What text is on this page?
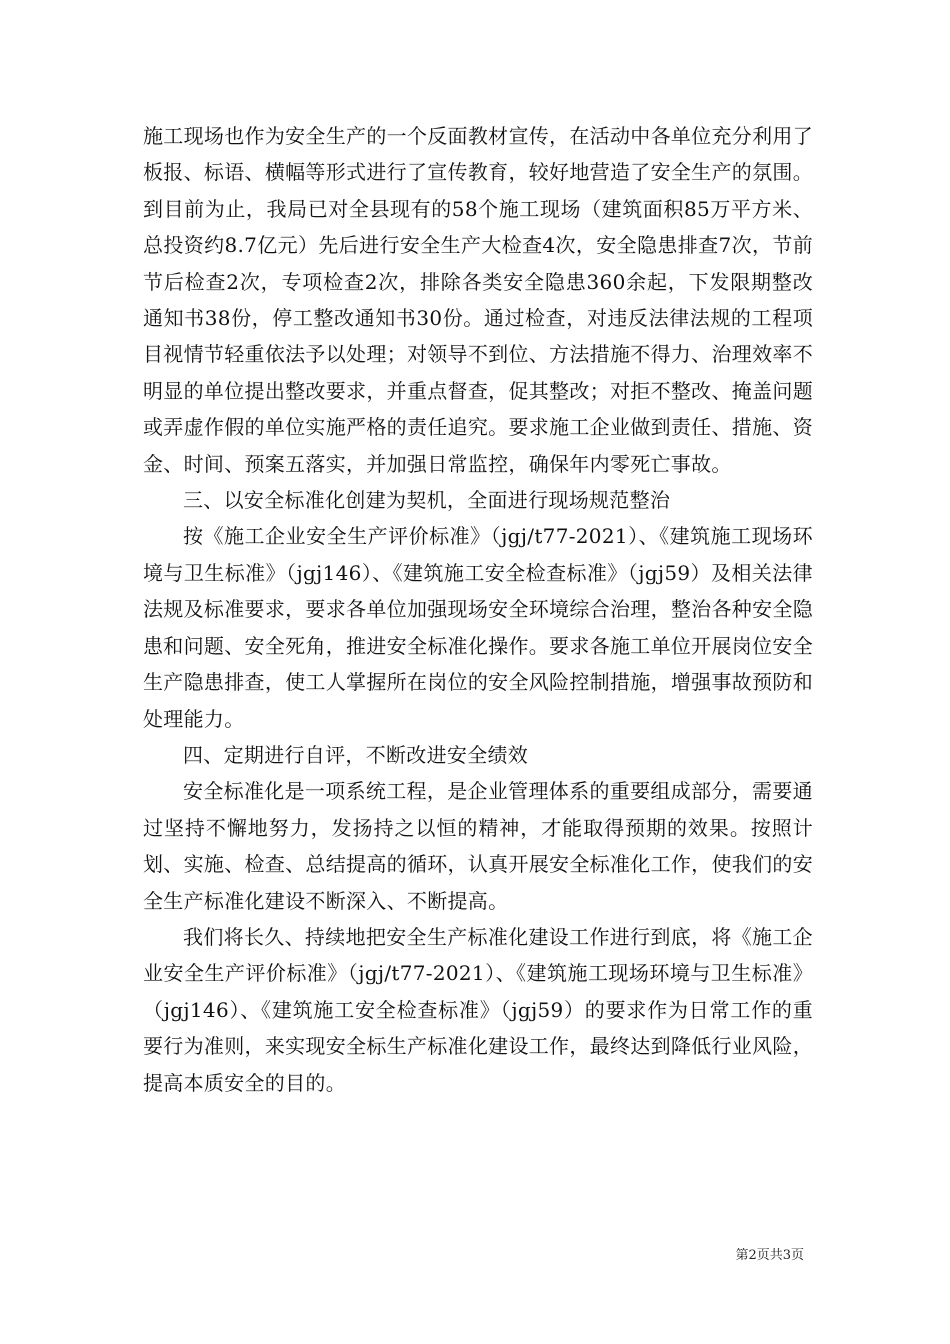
施工现场也作为安全生产的一个反面教材宣传，在活动中各单位充分利用了板报、标语、横幅等形式进行了宣传教育，较好地营造了安全生产的氛围。到目前为止，我局已对全县现有的58个施工现场（建筑面积85万平方米、总投资约8.7亿元）先后进行安全生产大检查4次，安全隐患排查7次，节前节后检查2次，专项检查2次，排除各类安全隐患360余起，下发限期整改通知书38份，停工整改通知书30份。通过检查，对违反法律法规的工程项目视情节轻重依法予以处理；对领导不到位、方法措施不得力、治理效率不明显的单位提出整改要求，并重点督查，促其整改；对拒不整改、掩盖问题或弄虚作假的单位实施严格的责任追究。要求施工企业做到责任、措施、资金、时间、预案五落实，并加强日常监控，确保年内零死亡事故。

三、以安全标准化创建为契机，全面进行现场规范整治

按《施工企业安全生产评价标准》（jgj/t77-2021）、《建筑施工现场环境与卫生标准》（jgj146）、《建筑施工安全检查标准》（jgj59）及相关法律法规及标准要求，要求各单位加强现场安全环境综合治理，整治各种安全隐患和问题、安全死角，推进安全标准化操作。要求各施工单位开展岗位安全生产隐患排查，使工人掌握所在岗位的安全风险控制措施，增强事故预防和处理能力。

四、定期进行自评，不断改进安全绩效

安全标准化是一项系统工程，是企业管理体系的重要组成部分，需要通过坚持不懈地努力，发扬持之以恒的精神，才能取得预期的效果。按照计划、实施、检查、总结提高的循环，认真开展安全标准化工作，使我们的安全生产标准化建设不断深入、不断提高。

我们将长久、持续地把安全生产标准化建设工作进行到底，将《施工企业安全生产评价标准》（jgj/t77-2021）、《建筑施工现场环境与卫生标准》（jgj146）、《建筑施工安全检查标准》（jgj59）的要求作为日常工作的重要行为准则，来实现安全标生产标准化建设工作，最终达到降低行业风险，提高本质安全的目的。

第2页共3页
